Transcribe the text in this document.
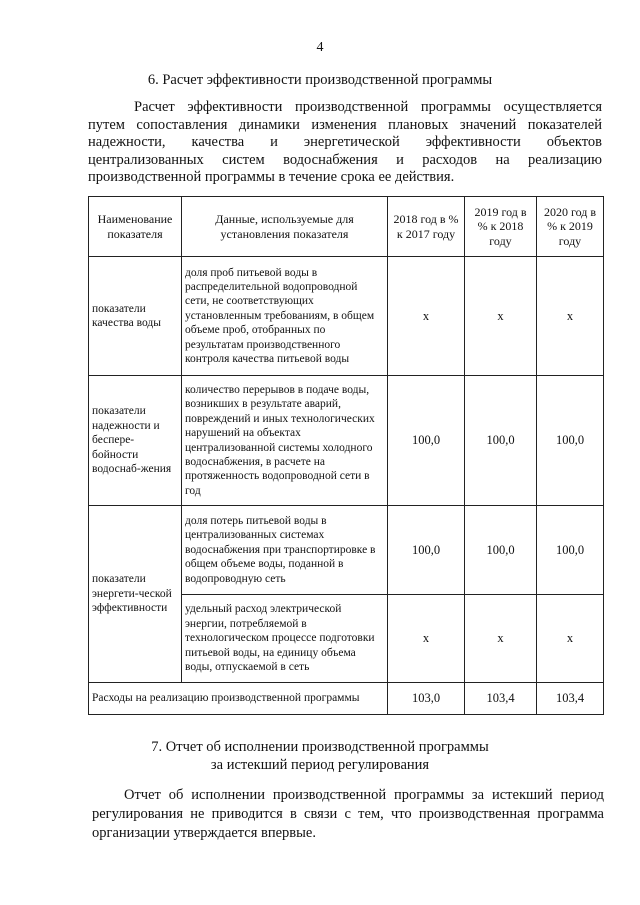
4
6. Расчет эффективности производственной программы

Расчет эффективности производственной программы осуществляется путем сопоставления динамики изменения плановых значений показателей надежности, качества и энергетической эффективности объектов централизованных систем водоснабжения и расходов на реализацию производственной программы в течение срока ее действия.

Наименование показателя	Данные, используемые для установления показателя	2018 год в % к 2017 году	2019 год в % к 2018 году	2020 год в % к 2019 году
показатели качества воды	доля проб питьевой воды в распределительной водопроводной сети, не соответствующих установленным требованиям, в общем объеме проб, отобранных по результатам производственного контроля качества питьевой воды	x	x	x
показатели надежности и беспере-бойности водоснаб-жения	количество перерывов в подаче воды, возникших в результате аварий, повреждений и иных технологических нарушений на объектах централизованной системы холодного водоснабжения, в расчете на протяженность водопроводной сети в год	100,0	100,0	100,0
показатели энергети-ческой эффективности	доля потерь питьевой воды в централизованных системах водоснабжения при транспортировке в общем объеме воды, поданной в водопроводную сеть	100,0	100,0	100,0
	удельный расход электрической энергии, потребляемой в технологическом процессе подготовки питьевой воды, на единицу объема воды, отпускаемой в сеть	x	x	x
Расходы на реализацию производственной программы		103,0	103,4	103,4
7. Отчет об исполнении производственной программы
за истекший период регулирования

Отчет об исполнении производственной программы за истекший период регулирования не приводится в связи с тем, что производственная программа организации утверждается впервые.
